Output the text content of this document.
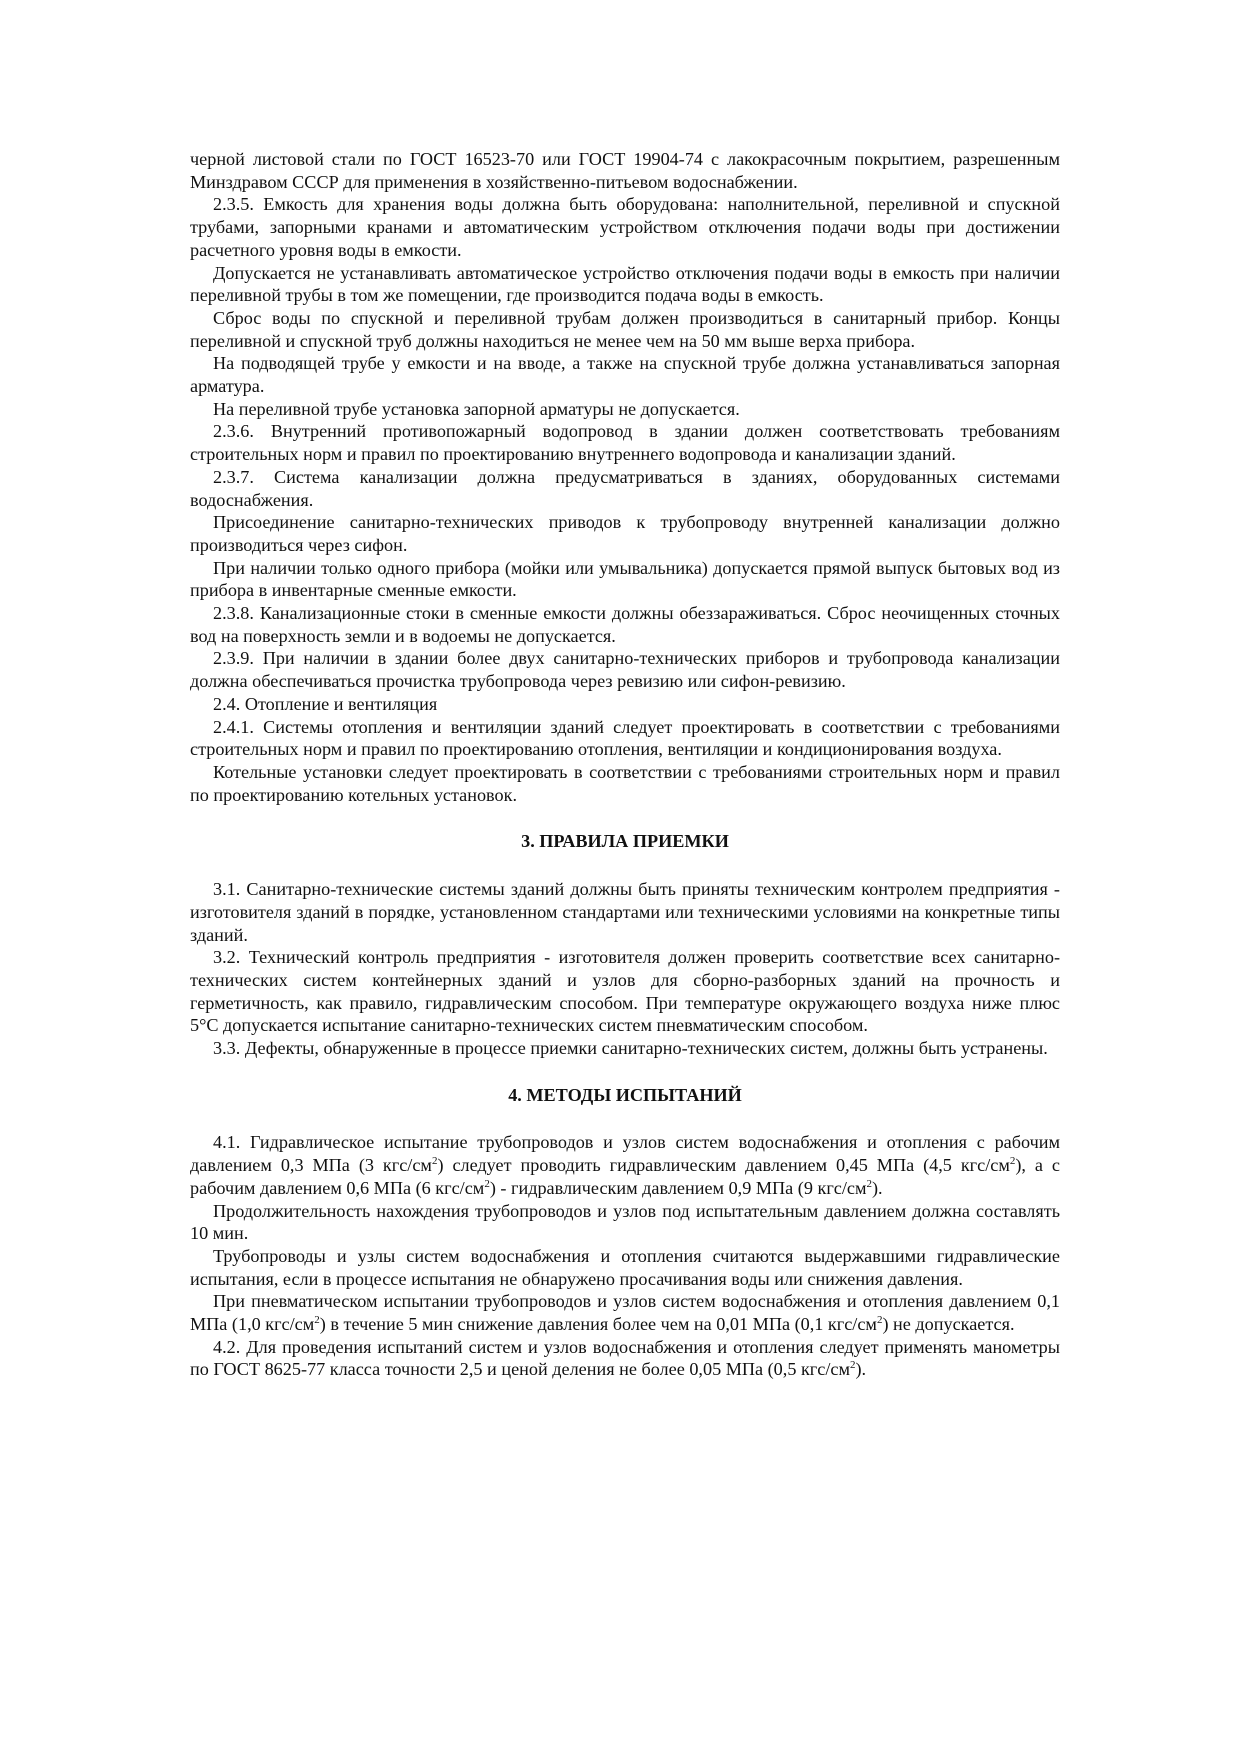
черной листовой стали по ГОСТ 16523-70 или ГОСТ 19904-74 с лакокрасочным покрытием, разрешенным Минздравом СССР для применения в хозяйственно-питьевом водоснабжении.

2.3.5. Емкость для хранения воды должна быть оборудована: наполнительной, переливной и спускной трубами, запорными кранами и автоматическим устройством отключения подачи воды при достижении расчетного уровня воды в емкости.

Допускается не устанавливать автоматическое устройство отключения подачи воды в емкость при наличии переливной трубы в том же помещении, где производится подача воды в емкость.

Сброс воды по спускной и переливной трубам должен производиться в санитарный прибор. Концы переливной и спускной труб должны находиться не менее чем на 50 мм выше верха прибора.

На подводящей трубе у емкости и на вводе, а также на спускной трубе должна устанавливаться запорная арматура.

На переливной трубе установка запорной арматуры не допускается.

2.3.6. Внутренний противопожарный водопровод в здании должен соответствовать требованиям строительных норм и правил по проектированию внутреннего водопровода и канализации зданий.

2.3.7. Система канализации должна предусматриваться в зданиях, оборудованных системами водоснабжения.

Присоединение санитарно-технических приводов к трубопроводу внутренней канализации должно производиться через сифон.

При наличии только одного прибора (мойки или умывальника) допускается прямой выпуск бытовых вод из прибора в инвентарные сменные емкости.

2.3.8. Канализационные стоки в сменные емкости должны обеззараживаться. Сброс неочищенных сточных вод на поверхность земли и в водоемы не допускается.

2.3.9. При наличии в здании более двух санитарно-технических приборов и трубопровода канализации должна обеспечиваться прочистка трубопровода через ревизию или сифон-ревизию.

2.4. Отопление и вентиляция

2.4.1. Системы отопления и вентиляции зданий следует проектировать в соответствии с требованиями строительных норм и правил по проектированию отопления, вентиляции и кондиционирования воздуха.

Котельные установки следует проектировать в соответствии с требованиями строительных норм и правил по проектированию котельных установок.

3. ПРАВИЛА ПРИЕМКИ

3.1. Санитарно-технические системы зданий должны быть приняты техническим контролем предприятия - изготовителя зданий в порядке, установленном стандартами или техническими условиями на конкретные типы зданий.

3.2. Технический контроль предприятия - изготовителя должен проверить соответствие всех санитарно-технических систем контейнерных зданий и узлов для сборно-разборных зданий на прочность и герметичность, как правило, гидравлическим способом. При температуре окружающего воздуха ниже плюс 5°С допускается испытание санитарно-технических систем пневматическим способом.

3.3. Дефекты, обнаруженные в процессе приемки санитарно-технических систем, должны быть устранены.

4. МЕТОДЫ ИСПЫТАНИЙ

4.1. Гидравлическое испытание трубопроводов и узлов систем водоснабжения и отопления с рабочим давлением 0,3 МПа (3 кгс/$см^2$) следует проводить гидравлическим давлением 0,45 МПа (4,5 кгс/$см^2$), а с рабочим давлением 0,6 МПа (6 кгс/$см^2$) - гидравлическим давлением 0,9 МПа (9 кгс/$см^2$).

Продолжительность нахождения трубопроводов и узлов под испытательным давлением должна составлять 10 мин.

Трубопроводы и узлы систем водоснабжения и отопления считаются выдержавшими гидравлические испытания, если в процессе испытания не обнаружено просачивания воды или снижения давления.

При пневматическом испытании трубопроводов и узлов систем водоснабжения и отопления давлением 0,1 МПа (1,0 кгс/$см^2$) в течение 5 мин снижение давления более чем на 0,01 МПа (0,1 кгс/$см^2$) не допускается.

4.2. Для проведения испытаний систем и узлов водоснабжения и отопления следует применять манометры по ГОСТ 8625-77 класса точности 2,5 и ценой деления не более 0,05 МПа (0,5 кгс/$см^2$).
